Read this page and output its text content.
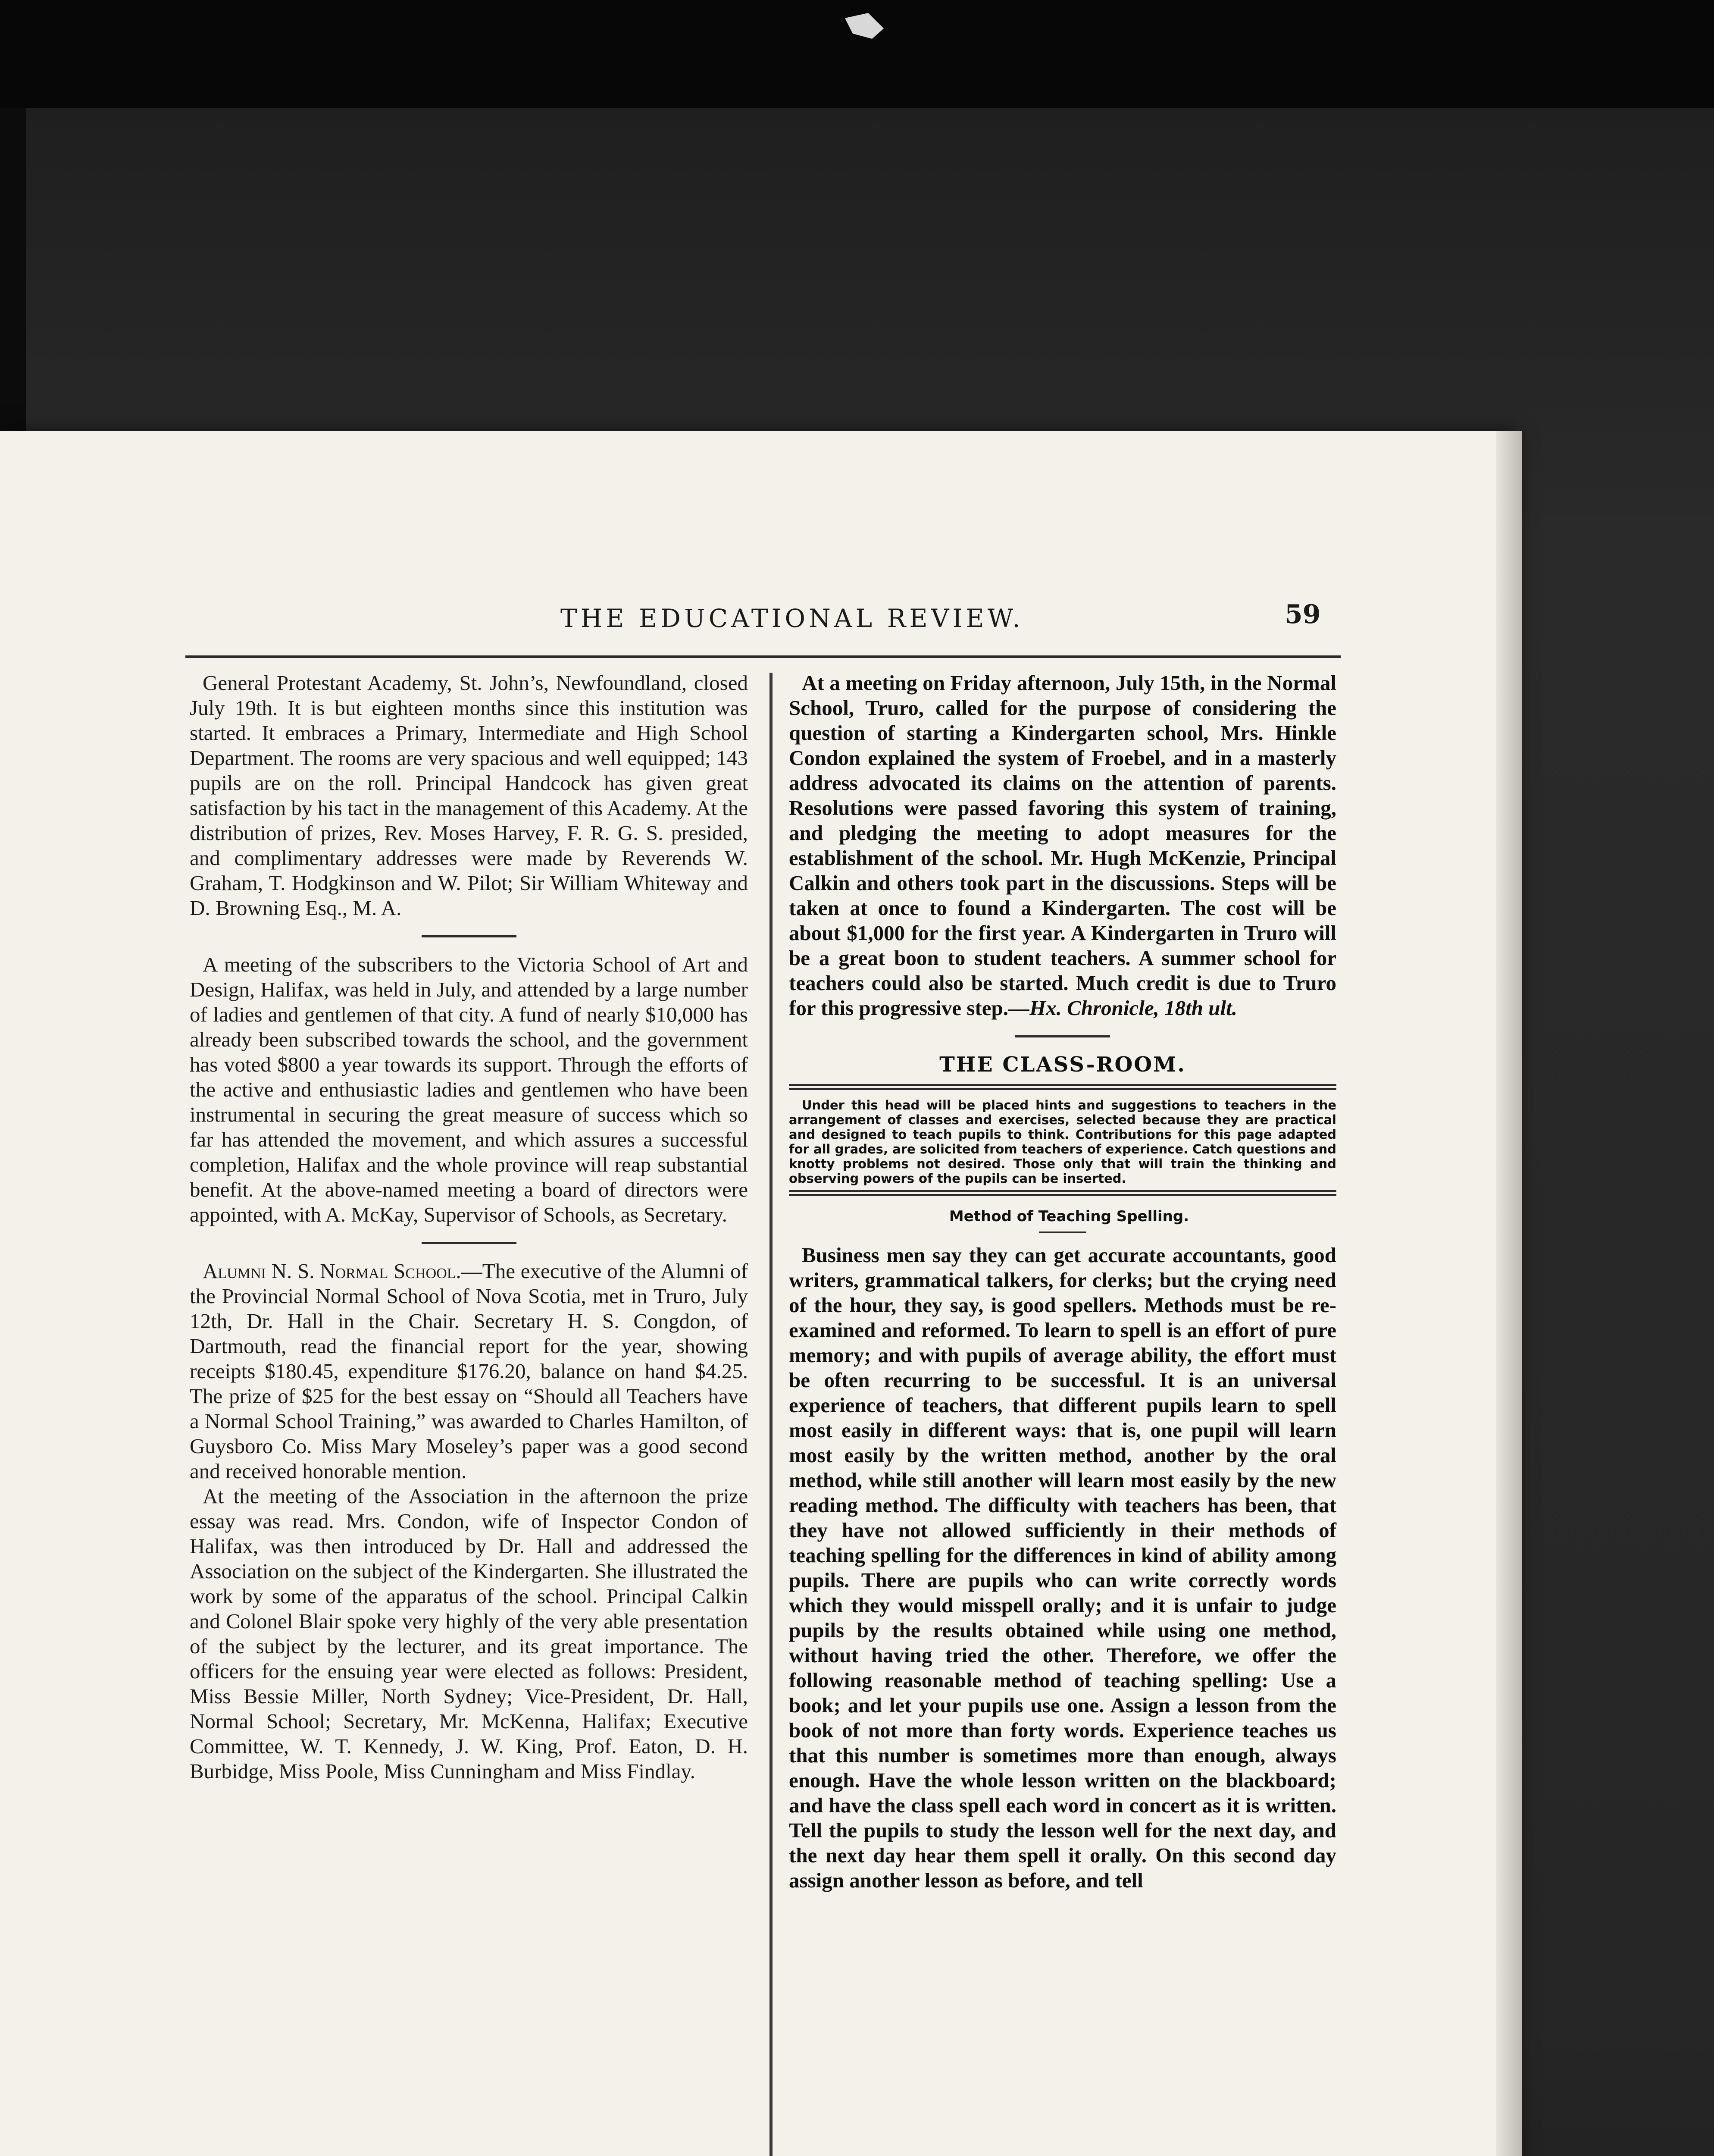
THE EDUCATIONAL REVIEW.	59

General Protestant Academy, St. John’s, Newfoundland, closed July 19th. It is but eighteen months since this institution was started. It embraces a Primary, Intermediate and High School Department. The rooms are very spacious and well equipped; 143 pupils are on the roll. Principal Handcock has given great satisfaction by his tact in the management of this Academy. At the distribution of prizes, Rev. Moses Harvey, F. R. G. S. presided, and complimentary addresses were made by Reverends W. Graham, T. Hodgkinson and W. Pilot; Sir William Whiteway and D. Browning Esq., M. A.

A meeting of the subscribers to the Victoria School of Art and Design, Halifax, was held in July, and attended by a large number of ladies and gentlemen of that city. A fund of nearly $10,000 has already been subscribed towards the school, and the government has voted $800 a year towards its support. Through the efforts of the active and enthusiastic ladies and gentlemen who have been instrumental in securing the great measure of success which so far has attended the movement, and which assures a successful completion, Halifax and the whole province will reap substantial benefit. At the above-named meeting a board of directors were appointed, with A. McKay, Supervisor of Schools, as Secretary.

Alumni N. S. Normal School.—The executive of the Alumni of the Provincial Normal School of Nova Scotia, met in Truro, July 12th, Dr. Hall in the Chair. Secretary H. S. Congdon, of Dartmouth, read the financial report for the year, showing receipts $180.45, expenditure $176.20, balance on hand $4.25. The prize of $25 for the best essay on “Should all Teachers have a Normal School Training,” was awarded to Charles Hamilton, of Guysboro Co. Miss Mary Moseley’s paper was a good second and received honorable mention.

At the meeting of the Association in the afternoon the prize essay was read. Mrs. Condon, wife of Inspector Condon of Halifax, was then introduced by Dr. Hall and addressed the Association on the subject of the Kindergarten. She illustrated the work by some of the apparatus of the school. Principal Calkin and Colonel Blair spoke very highly of the very able presentation of the subject by the lecturer, and its great importance. The officers for the ensuing year were elected as follows: President, Miss Bessie Miller, North Sydney; Vice-President, Dr. Hall, Normal School; Secretary, Mr. McKenna, Halifax; Executive Committee, W. T. Kennedy, J. W. King, Prof. Eaton, D. H. Burbidge, Miss Poole, Miss Cunningham and Miss Findlay.

At a meeting on Friday afternoon, July 15th, in the Normal School, Truro, called for the purpose of considering the question of starting a Kindergarten school, Mrs. Hinkle Condon explained the system of Froebel, and in a masterly address advocated its claims on the attention of parents. Resolutions were passed favoring this system of training, and pledging the meeting to adopt measures for the establishment of the school. Mr. Hugh McKenzie, Principal Calkin and others took part in the discussions. Steps will be taken at once to found a Kindergarten. The cost will be about $1,000 for the first year. A Kindergarten in Truro will be a great boon to student teachers. A summer school for teachers could also be started. Much credit is due to Truro for this progressive step.—Hx. Chronicle, 18th ult.

THE CLASS-ROOM.

Under this head will be placed hints and suggestions to teachers in the arrangement of classes and exercises, selected because they are practical and designed to teach pupils to think. Contributions for this page adapted for all grades, are solicited from teachers of experience. Catch questions and knotty problems not desired. Those only that will train the thinking and observing powers of the pupils can be inserted.

Method of Teaching Spelling.

Business men say they can get accurate accountants, good writers, grammatical talkers, for clerks; but the crying need of the hour, they say, is good spellers. Methods must be re-examined and reformed. To learn to spell is an effort of pure memory; and with pupils of average ability, the effort must be often recurring to be successful. It is an universal experience of teachers, that different pupils learn to spell most easily in different ways: that is, one pupil will learn most easily by the written method, another by the oral method, while still another will learn most easily by the new reading method. The difficulty with teachers has been, that they have not allowed sufficiently in their methods of teaching spelling for the differences in kind of ability among pupils. There are pupils who can write correctly words which they would misspell orally; and it is unfair to judge pupils by the results obtained while using one method, without having tried the other. Therefore, we offer the following reasonable method of teaching spelling: Use a book; and let your pupils use one. Assign a lesson from the book of not more than forty words. Experience teaches us that this number is sometimes more than enough, always enough. Have the whole lesson written on the blackboard; and have the class spell each word in concert as it is written. Tell the pupils to study the lesson well for the next day, and the next day hear them spell it orally. On this second day assign another lesson as before, and tell
